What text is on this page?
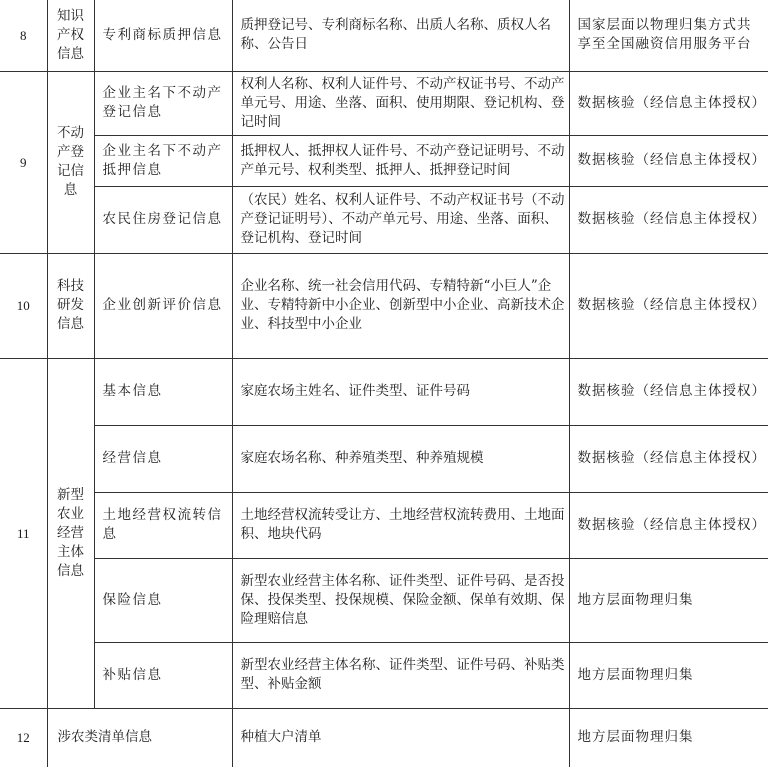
8	知识产权信息	专利商标质押信息	质押登记号、专利商标名称、出质人名称、质权人名称、公告日	国家层面以物理归集方式共享至全国融资信用服务平台
9	不动产登记信息	企业主名下不动产登记信息	权利人名称、权利人证件号、不动产权证书号、不动产单元号、用途、坐落、面积、使用期限、登记机构、登记时间	数据核验（经信息主体授权）
		企业主名下不动产抵押信息	抵押权人、抵押权人证件号、不动产登记证明号、不动产单元号、权利类型、抵押人、抵押登记时间	数据核验（经信息主体授权）
		农民住房登记信息	（农民）姓名、权利人证件号、不动产权证书号（不动产登记证明号）、不动产单元号、用途、坐落、面积、登记机构、登记时间	数据核验（经信息主体授权）
10	科技研发信息	企业创新评价信息	企业名称、统一社会信用代码、专精特新“小巨人”企业、专精特新中小企业、创新型中小企业、高新技术企业、科技型中小企业	数据核验（经信息主体授权）
11	新型农业经营主体信息	基本信息	家庭农场主姓名、证件类型、证件号码	数据核验（经信息主体授权）
		经营信息	家庭农场名称、种养殖类型、种养殖规模	数据核验（经信息主体授权）
		土地经营权流转信息	土地经营权流转受让方、土地经营权流转费用、土地面积、地块代码	数据核验（经信息主体授权）
		保险信息	新型农业经营主体名称、证件类型、证件号码、是否投保、投保类型、投保规模、保险金额、保单有效期、保险理赔信息	地方层面物理归集
		补贴信息	新型农业经营主体名称、证件类型、证件号码、补贴类型、补贴金额	地方层面物理归集
12	涉农类清单信息		种植大户清单	地方层面物理归集
